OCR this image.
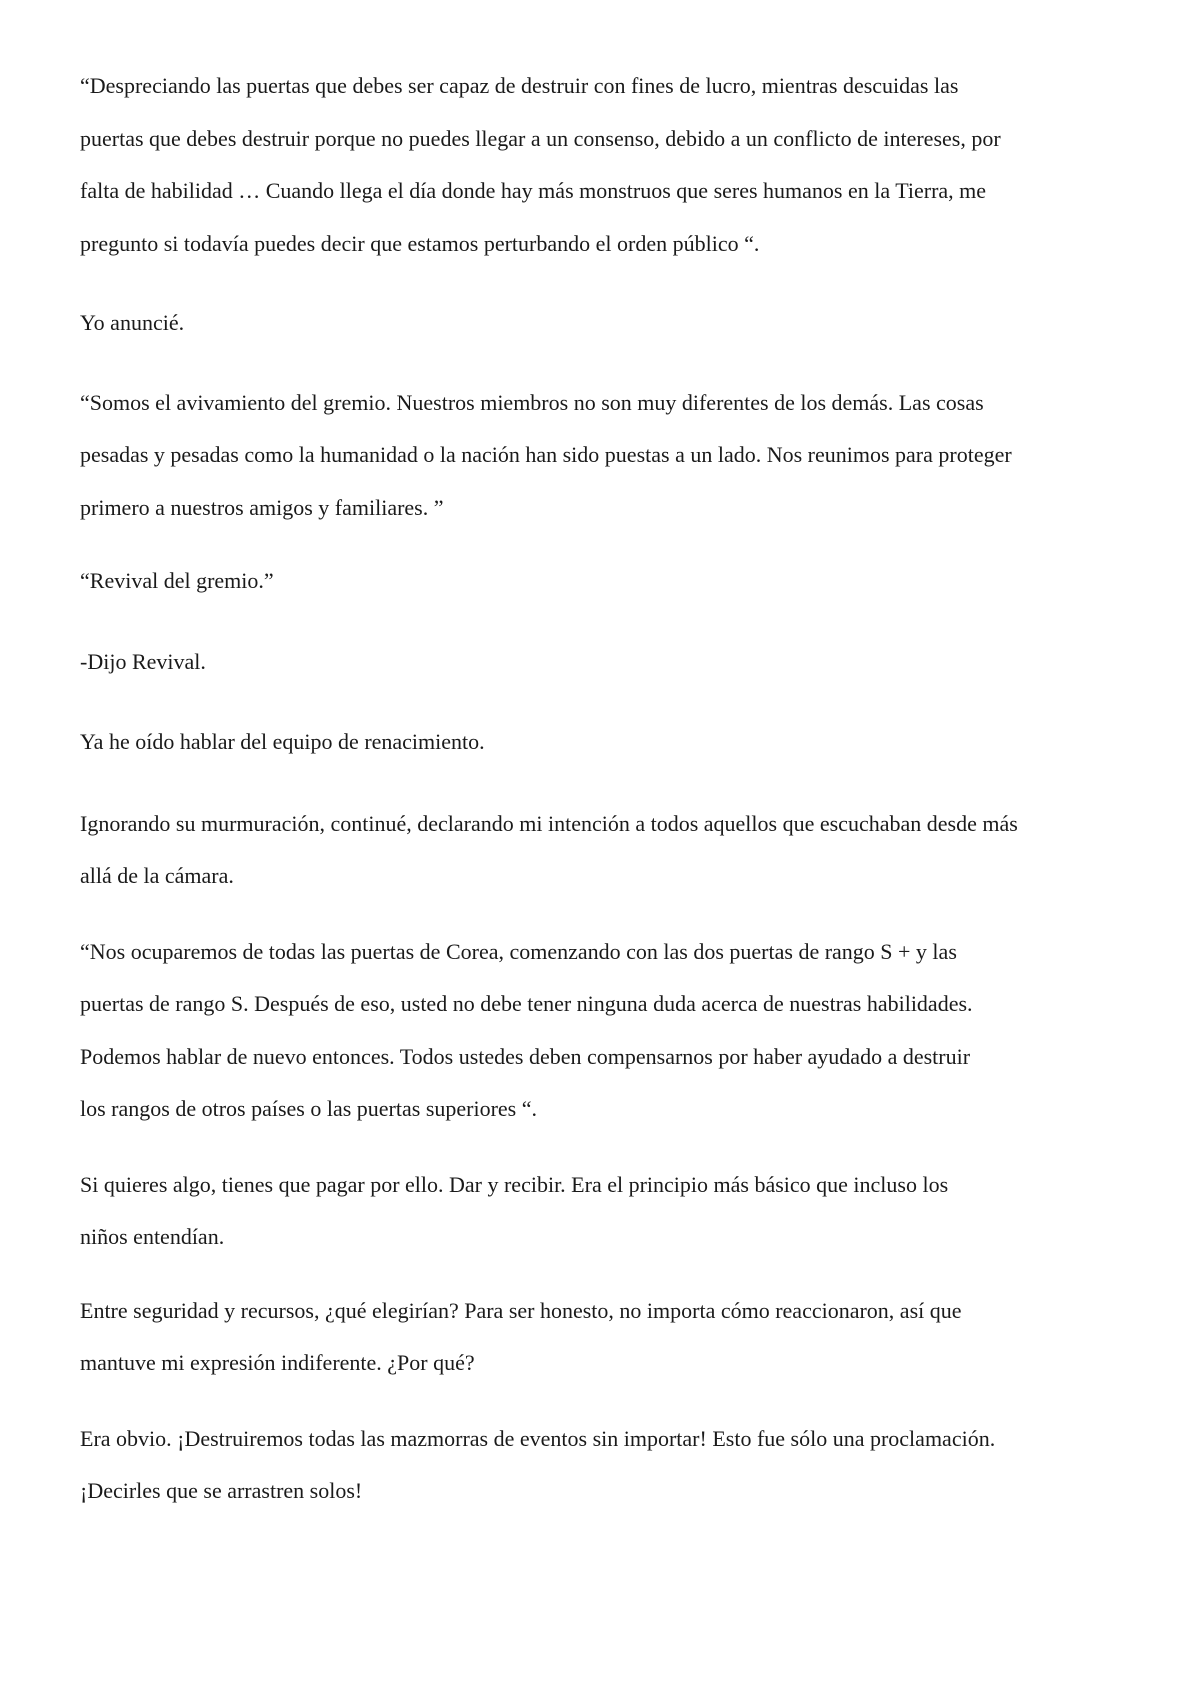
“Despreciando las puertas que debes ser capaz de destruir con fines de lucro, mientras descuidas las
puertas que debes destruir porque no puedes llegar a un consenso, debido a un conflicto de intereses, por
falta de habilidad … Cuando llega el día donde hay más monstruos que seres humanos en la Tierra, me
pregunto si todavía puedes decir que estamos perturbando el orden público “.

Yo anuncié.

“Somos el avivamiento del gremio. Nuestros miembros no son muy diferentes de los demás. Las cosas
pesadas y pesadas como la humanidad o la nación han sido puestas a un lado. Nos reunimos para proteger
primero a nuestros amigos y familiares. ”

“Revival del gremio.”

-Dijo Revival.

Ya he oído hablar del equipo de renacimiento.

Ignorando su murmuración, continué, declarando mi intención a todos aquellos que escuchaban desde más
allá de la cámara.

“Nos ocuparemos de todas las puertas de Corea, comenzando con las dos puertas de rango S + y las
puertas de rango S. Después de eso, usted no debe tener ninguna duda acerca de nuestras habilidades.
Podemos hablar de nuevo entonces. Todos ustedes deben compensarnos por haber ayudado a destruir
los rangos de otros países o las puertas superiores “.

Si quieres algo, tienes que pagar por ello. Dar y recibir. Era el principio más básico que incluso los
niños entendían.

Entre seguridad y recursos, ¿qué elegirían? Para ser honesto, no importa cómo reaccionaron, así que
mantuve mi expresión indiferente. ¿Por qué?

Era obvio. ¡Destruiremos todas las mazmorras de eventos sin importar! Esto fue sólo una proclamación.
¡Decirles que se arrastren solos!
